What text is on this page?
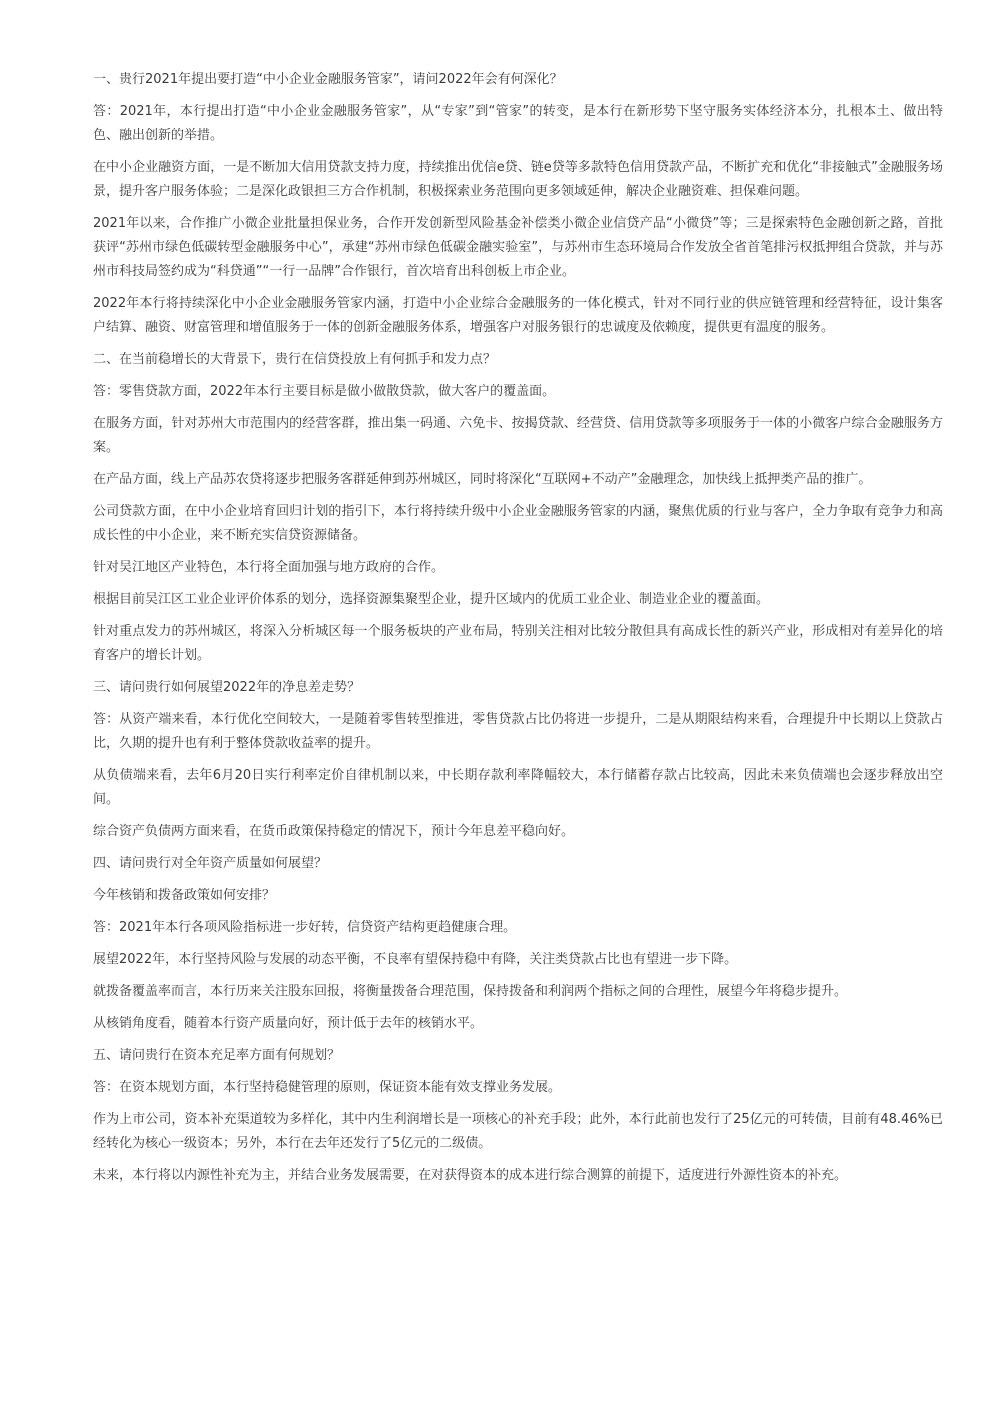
一、贵行2021年提出要打造“中小企业金融服务管家”，请问2022年会有何深化？

答：2021年，本行提出打造“中小企业金融服务管家”，从“专家”到“管家”的转变，是本行在新形势下坚守服务实体经济本分，扎根本土、做出特色、融出创新的举措。

在中小企业融资方面，一是不断加大信用贷款支持力度，持续推出优信e贷、链e贷等多款特色信用贷款产品，不断扩充和优化“非接触式”金融服务场景，提升客户服务体验；二是深化政银担三方合作机制，积极探索业务范围向更多领域延伸，解决企业融资难、担保难问题。

2021年以来，合作推广小微企业批量担保业务，合作开发创新型风险基金补偿类小微企业信贷产品“小微贷”等；三是探索特色金融创新之路，首批获评“苏州市绿色低碳转型金融服务中心”，承建“苏州市绿色低碳金融实验室”，与苏州市生态环境局合作发放全省首笔排污权抵押组合贷款，并与苏州市科技局签约成为“科贷通”“一行一品牌”合作银行，首次培育出科创板上市企业。

2022年本行将持续深化中小企业金融服务管家内涵，打造中小企业综合金融服务的一体化模式，针对不同行业的供应链管理和经营特征，设计集客户结算、融资、财富管理和增值服务于一体的创新金融服务体系，增强客户对服务银行的忠诚度及依赖度，提供更有温度的服务。

二、在当前稳增长的大背景下，贵行在信贷投放上有何抓手和发力点？

答：零售贷款方面，2022年本行主要目标是做小做散贷款，做大客户的覆盖面。

在服务方面，针对苏州大市范围内的经营客群，推出集一码通、六免卡、按揭贷款、经营贷、信用贷款等多项服务于一体的小微客户综合金融服务方案。

在产品方面，线上产品苏农贷将逐步把服务客群延伸到苏州城区，同时将深化“互联网+不动产”金融理念，加快线上抵押类产品的推广。

公司贷款方面，在中小企业培育回归计划的指引下，本行将持续升级中小企业金融服务管家的内涵，聚焦优质的行业与客户，全力争取有竞争力和高成长性的中小企业，来不断充实信贷资源储备。

针对吴江地区产业特色，本行将全面加强与地方政府的合作。

根据目前吴江区工业企业评价体系的划分，选择资源集聚型企业，提升区域内的优质工业企业、制造业企业的覆盖面。

针对重点发力的苏州城区，将深入分析城区每一个服务板块的产业布局，特别关注相对比较分散但具有高成长性的新兴产业，形成相对有差异化的培育客户的增长计划。

三、请问贵行如何展望2022年的净息差走势？

答：从资产端来看，本行优化空间较大，一是随着零售转型推进，零售贷款占比仍将进一步提升，二是从期限结构来看，合理提升中长期以上贷款占比，久期的提升也有利于整体贷款收益率的提升。

从负债端来看，去年6月20日实行利率定价自律机制以来，中长期存款利率降幅较大，本行储蓄存款占比较高，因此未来负债端也会逐步释放出空间。

综合资产负债两方面来看，在货币政策保持稳定的情况下，预计今年息差平稳向好。

四、请问贵行对全年资产质量如何展望？

今年核销和拨备政策如何安排？

答：2021年本行各项风险指标进一步好转，信贷资产结构更趋健康合理。

展望2022年，本行坚持风险与发展的动态平衡，不良率有望保持稳中有降，关注类贷款占比也有望进一步下降。

就拨备覆盖率而言，本行历来关注股东回报，将衡量拨备合理范围，保持拨备和利润两个指标之间的合理性，展望今年将稳步提升。

从核销角度看，随着本行资产质量向好，预计低于去年的核销水平。

五、请问贵行在资本充足率方面有何规划？

答：在资本规划方面，本行坚持稳健管理的原则，保证资本能有效支撑业务发展。

作为上市公司，资本补充渠道较为多样化，其中内生利润增长是一项核心的补充手段；此外，本行此前也发行了25亿元的可转债，目前有48.46%已经转化为核心一级资本；另外，本行在去年还发行了5亿元的二级债。

未来，本行将以内源性补充为主，并结合业务发展需要，在对获得资本的成本进行综合测算的前提下，适度进行外源性资本的补充。
